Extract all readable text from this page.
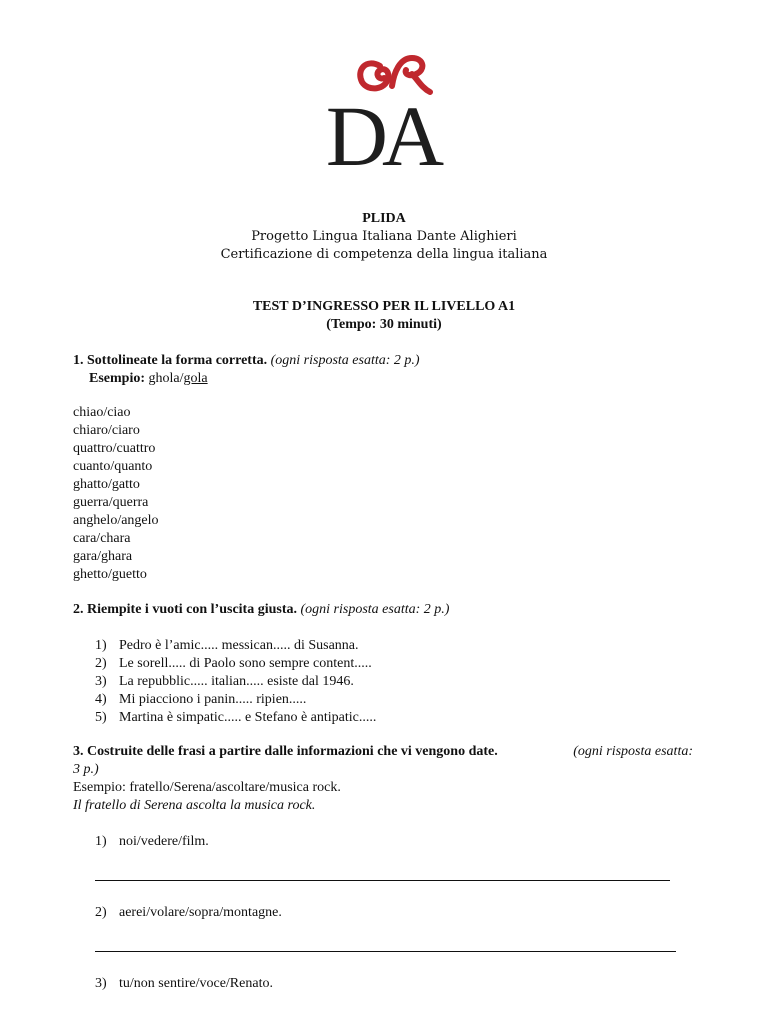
DA
PLIDA
Progetto Lingua Italiana Dante Alighieri
Certificazione di competenza della lingua italiana
TEST D’INGRESSO PER IL LIVELLO A1
(Tempo: 30 minuti)
1. Sottolineate la forma corretta. (ogni risposta esatta: 2 p.)
Esempio: ghola/gola
chiao/ciao
chiaro/ciaro
quattro/cuattro
cuanto/quanto
ghatto/gatto
guerra/querra
anghelo/angelo
cara/chara
gara/ghara
ghetto/guetto
2. Riempite i vuoti con l’uscita giusta. (ogni risposta esatta: 2 p.)
1) Pedro è l’amic..... messican..... di Susanna.
2) Le sorell..... di Paolo sono sempre content.....
3) La repubblic..... italian..... esiste dal 1946.
4) Mi piacciono i panin..... ripien.....
5) Martina è simpatic..... e Stefano è antipatic.....
3. Costruite delle frasi a partire dalle informazioni che vi vengono date.	(ogni risposta esatta:
3 p.)
Esempio: fratello/Serena/ascoltare/musica rock.
Il fratello di Serena ascolta la musica rock.
1) noi/vedere/film.
2) aerei/volare/sopra/montagne.
3) tu/non sentire/voce/Renato.
